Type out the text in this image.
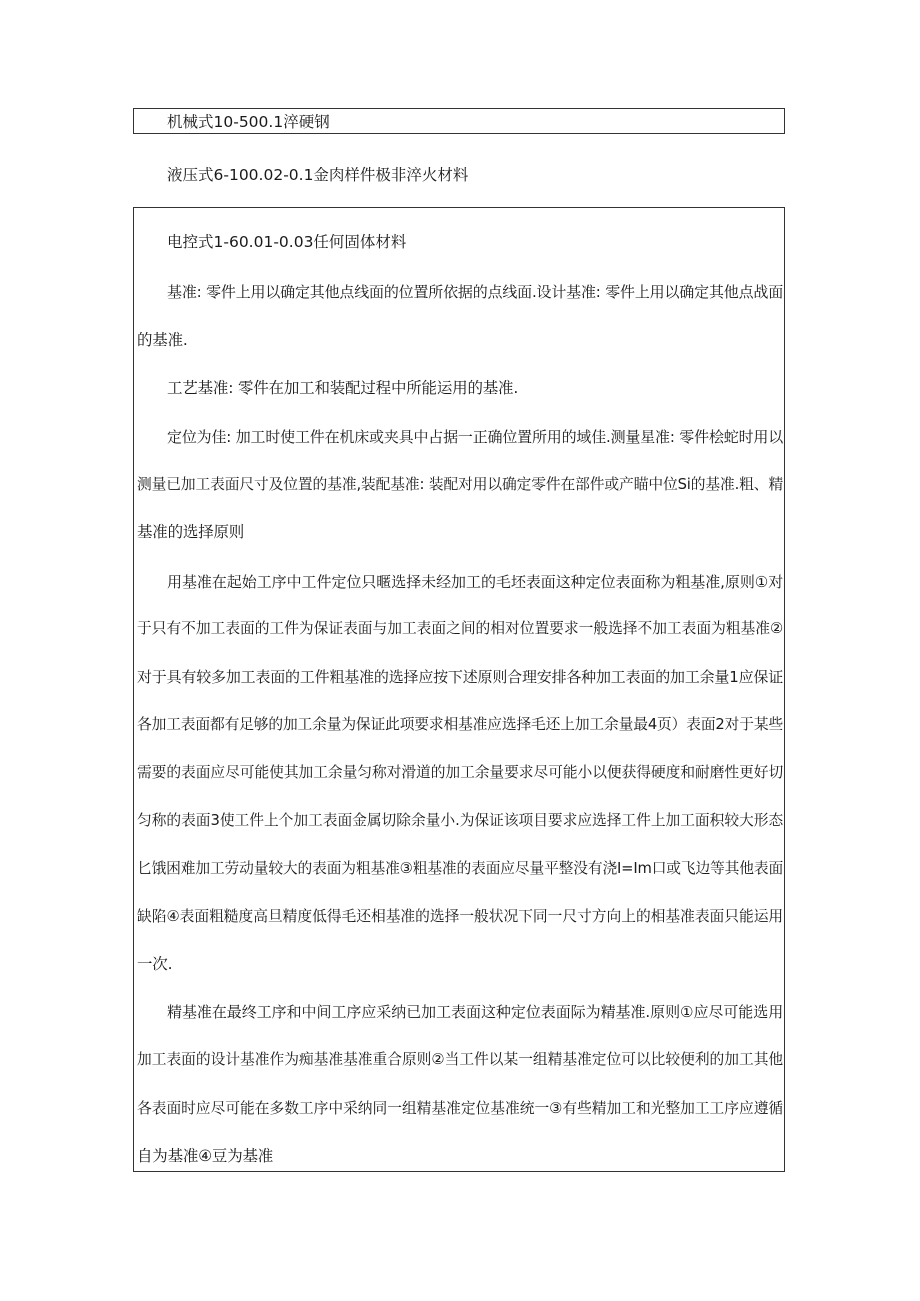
机械式10-500.1淬硬钢
液压式6-100.02-0.1金肉样件极非淬火材料
电控式1-60.01-0.03任何固体材料
基准: 零件上用以确定其他点线面的位置所依据的点线面.设计基准: 零件上用以确定其他点战面
的基准.
工艺基准: 零件在加工和装配过程中所能运用的基准.
定位为佳: 加工时使工件在机床或夹具中占据一正确位置所用的域佳.测量星准: 零件桧蛇时用以
测量已加工表面尺寸及位置的基准,装配基准: 装配对用以确定零件在部件或产瞄中位Si的基准.粗、精
基准的选择原则
用基准在起始工序中工件定位只暱选择未经加工的毛坯表面这种定位表面称为粗基准,原则①对
于只有不加工表面的工件为保证表面与加工表面之间的相对位置要求一般选择不加工表面为粗基准②
对于具有较多加工表面的工件粗基准的选择应按下述原则合理安排各种加工表面的加工余量1应保证
各加工表面都有足够的加工余量为保证此项要求相基准应选择毛还上加工余量最4页）表面2对于某些
需要的表面应尽可能使其加工余量匀称对滑道的加工余量要求尽可能小以便获得硬度和耐磨性更好切
匀称的表面3使工件上个加工表面金属切除余量小.为保证该项目要求应选择工件上加工面积较大形态
匕饿困难加工劳动量较大的表面为粗基准③粗基准的表面应尽量平整没有浇I=Im口或飞边等其他表面
缺陷④表面粗糙度高旦精度低得毛还相基准的选择一般状况下同一尺寸方向上的相基准表面只能运用
一次.
精基准在最终工序和中间工序应采纳已加工表面这种定位表面际为精基准.原则①应尽可能选用
加工表面的设计基准作为痴基准基准重合原则②当工件以某一组精基准定位可以比较便利的加工其他
各表面时应尽可能在多数工序中采纳同一组精基准定位基准统一③有些精加工和光整加工工序应遵循
自为基准④豆为基准
